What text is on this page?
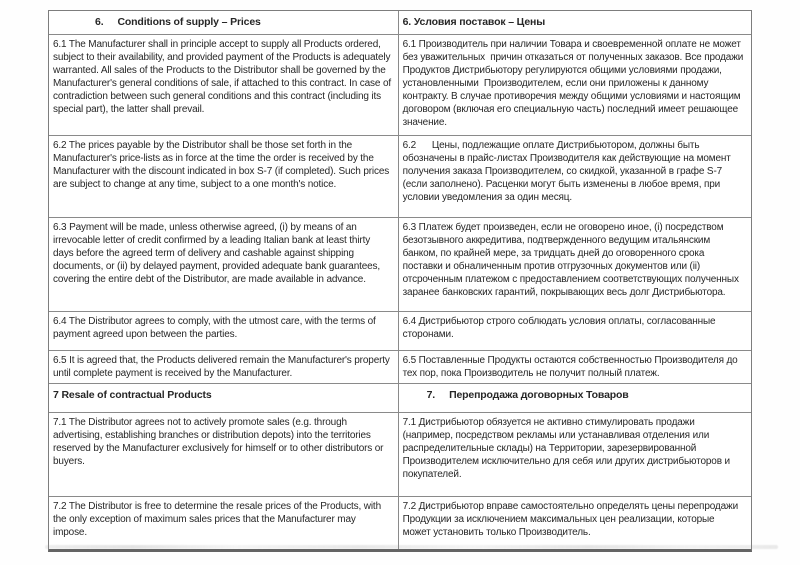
6. Conditions of supply – Prices	6. Условия поставок – Цены
6.1 The Manufacturer shall in principle accept to supply all Products ordered, subject to their availability, and provided payment of the Products is adequately warranted. All sales of the Products to the Distributor shall be governed by the Manufacturer's general conditions of sale, if attached to this contract. In case of contradiction between such general conditions and this contract (including its special part), the latter shall prevail.
6.1 Производитель при наличии Товара и своевременной оплате не может без уважительных  причин отказаться от полученных заказов. Все продажи Продуктов Дистрибьютору регулируются общими условиями продажи, установленными  Производителем, если они приложены к данному контракту. В случае противоречия между общими условиями и настоящим договором (включая его специальную часть) последний имеет решающее значение.
6.2 The prices payable by the Distributor shall be those set forth in the Manufacturer's price-lists as in force at the time the order is received by the Manufacturer with the discount indicated in box S-7 (if completed). Such prices are subject to change at any time, subject to a one month's notice.
6.2      Цены, подлежащие оплате Дистрибьютором, должны быть обозначены в прайс-листах Производителя как действующие на момент получения заказа Производителем, со скидкой, указанной в графе S-7 (если заполнено). Расценки могут быть изменены в любое время, при условии уведомления за один месяц.
6.3 Payment will be made, unless otherwise agreed, (i) by means of an irrevocable letter of credit confirmed by a leading Italian bank at least thirty days before the agreed term of delivery and cashable against shipping documents, or (ii) by delayed payment, provided adequate bank guarantees, covering the entire debt of the Distributor, are made available in advance.
6.3 Платеж будет произведен, если не оговорено иное, (i) посредством безотзывного аккредитива, подтвержденного ведущим итальянским банком, по крайней мере, за тридцать дней до оговоренного срока поставки и обналиченным против отгрузочных документов или (ii) отсроченным платежом с предоставлением соответствующих полученных заранее банковских гарантий, покрывающих весь долг Дистрибьютора.
6.4 The Distributor agrees to comply, with the utmost care, with the terms of payment agreed upon between the parties.
6.4 Дистрибьютор строго соблюдать условия оплаты, согласованные сторонами.
6.5 It is agreed that, the Products delivered remain the Manufacturer's property until complete payment is received by the Manufacturer.
6.5 Поставленные Продукты остаются собственностью Производителя до тех пор, пока Производитель не получит полный платеж.
7 Resale of contractual Products	7. Перепродажа договорных Товаров
7.1 The Distributor agrees not to actively promote sales (e.g. through advertising, establishing branches or distribution depots) into the territories reserved by the Manufacturer exclusively for himself or to other distributors or buyers.
7.1 Дистрибьютор обязуется не активно стимулировать продажи (например, посредством рекламы или устанавливая отделения или распределительные склады) на Территории, зарезервированной Производителем исключительно для себя или других дистрибьюторов и покупателей.
7.2 The Distributor is free to determine the resale prices of the Products, with the only exception of maximum sales prices that the Manufacturer may impose.
7.2 Дистрибьютор вправе самостоятельно определять цены перепродажи Продукции за исключением максимальных цен реализации, которые может установить только Производитель.
